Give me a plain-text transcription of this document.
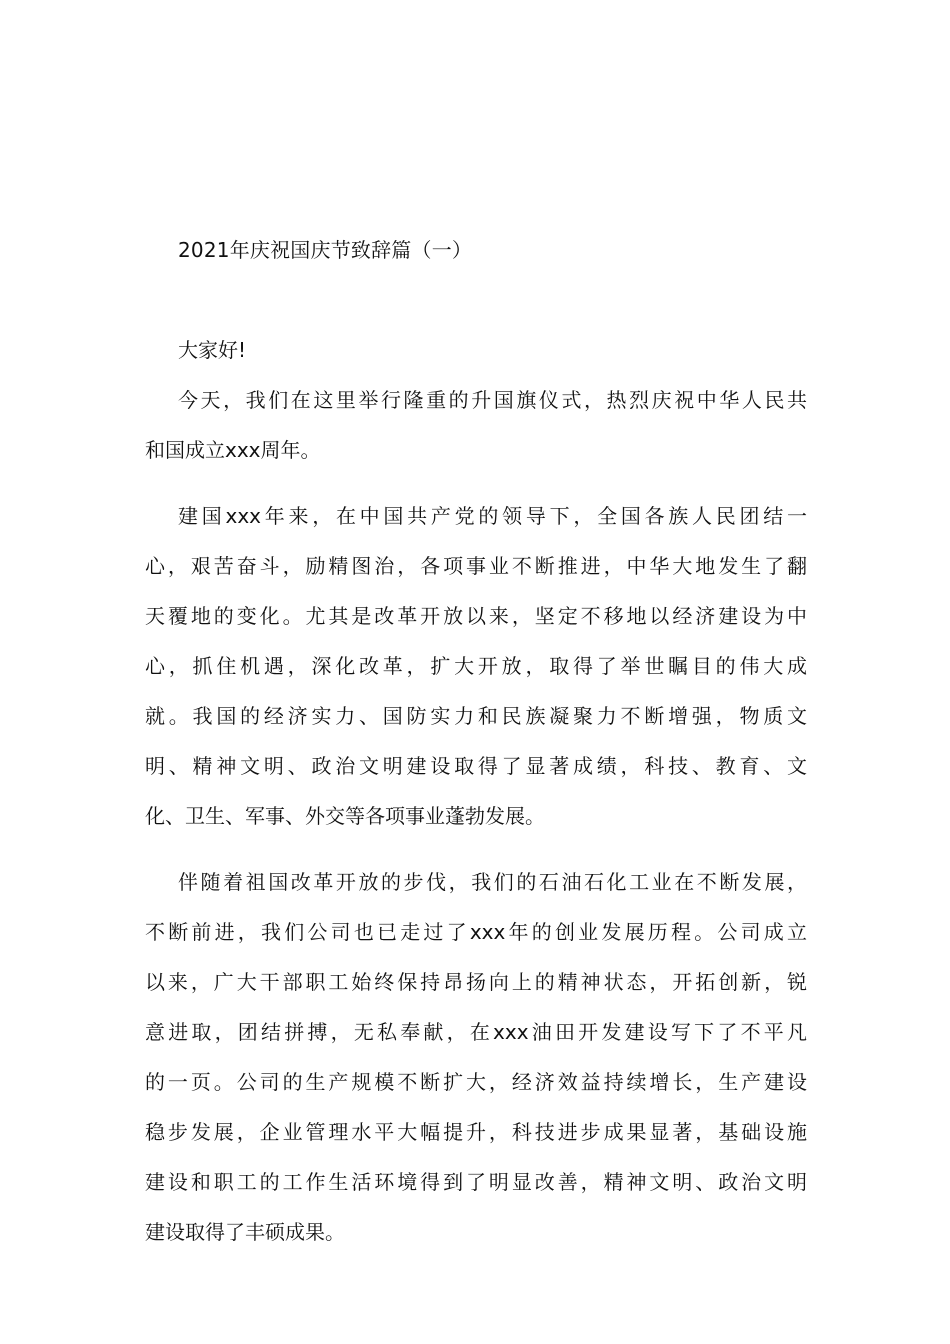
2021年庆祝国庆节致辞篇（一）

大家好!

今天，我们在这里举行隆重的升国旗仪式，热烈庆祝中华人民共
和国成立xxx周年。

建国xxx年来，在中国共产党的领导下，全国各族人民团结一
心，艰苦奋斗，励精图治，各项事业不断推进，中华大地发生了翻
天覆地的变化。尤其是改革开放以来，坚定不移地以经济建设为中
心，抓住机遇，深化改革，扩大开放，取得了举世瞩目的伟大成
就。我国的经济实力、国防实力和民族凝聚力不断增强，物质文
明、精神文明、政治文明建设取得了显著成绩，科技、教育、文
化、卫生、军事、外交等各项事业蓬勃发展。

伴随着祖国改革开放的步伐，我们的石油石化工业在不断发展，
不断前进，我们公司也已走过了xxx年的创业发展历程。公司成立
以来，广大干部职工始终保持昂扬向上的精神状态，开拓创新，锐
意进取，团结拼搏，无私奉献，在xxx油田开发建设写下了不平凡
的一页。公司的生产规模不断扩大，经济效益持续增长，生产建设
稳步发展，企业管理水平大幅提升，科技进步成果显著，基础设施
建设和职工的工作生活环境得到了明显改善，精神文明、政治文明
建设取得了丰硕成果。
